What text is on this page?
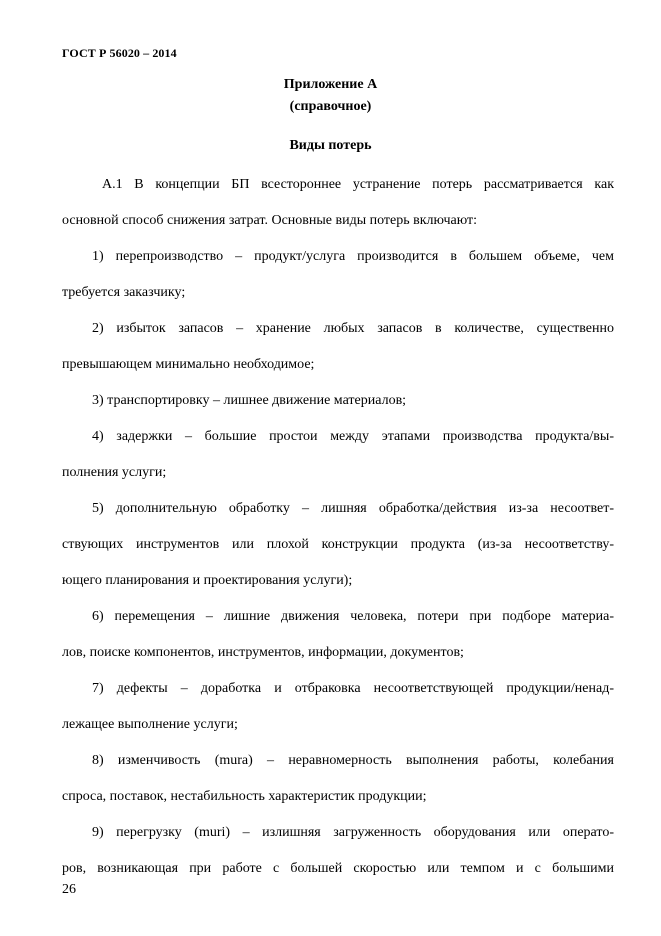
ГОСТ Р 56020 – 2014
Приложение А
(справочное)
Виды потерь
А.1 В концепции БП всестороннее устранение потерь рассматривается как
основной способ снижения затрат. Основные виды потерь включают:
1) перепроизводство – продукт/услуга производится в большем объеме, чем
требуется заказчику;
2) избыток запасов – хранение любых запасов в количестве, существенно
превышающем минимально необходимое;
3) транспортировку – лишнее движение материалов;
4) задержки – большие простои между этапами производства продукта/вы-
полнения услуги;
5) дополнительную обработку – лишняя обработка/действия из-за несоответ-
ствующих инструментов или плохой конструкции продукта (из-за несоответству-
ющего планирования и проектирования услуги);
6) перемещения – лишние движения человека, потери при подборе материа-
лов, поиске компонентов, инструментов, информации, документов;
7) дефекты – доработка и отбраковка несоответствующей продукции/ненад-
лежащее выполнение услуги;
8) изменчивость (mura) – неравномерность выполнения работы, колебания
спроса, поставок, нестабильность характеристик продукции;
9) перегрузку (muri) – излишняя загруженность оборудования или операто-
ров, возникающая при работе с большей скоростью или темпом и с большими
26
